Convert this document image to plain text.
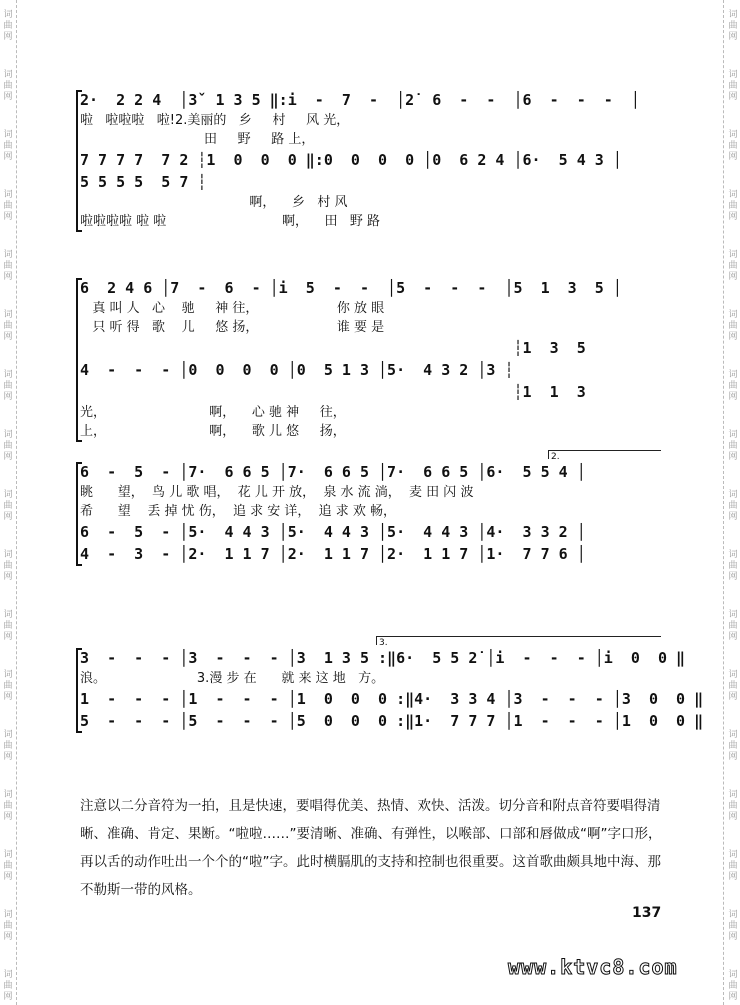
词
曲
网
词
曲
网
词
曲
网
词
曲
网
词
曲
网
词
曲
网
词
曲
网
词
曲
网
词
曲
网
词
曲
网
词
曲
网
词
曲
网
词
曲
网
词
曲
网
词
曲
网
词
曲
网
词
曲
网
词
曲
网
词
曲
网
词
曲
网
词
曲
网
词
曲
网
词
曲
网
词
曲
网
词
曲
网
词
曲
网
词
曲
网
词
曲
网
词
曲
网
词
曲
网
词
曲
网
词
曲
网
词
曲
网
词
曲
网
2·  2 2 4  │3ˇ 1 3 5 ‖:i  -  7  -  │2̇  6  -  -  │6  -  -  -  │
啦   啦啦啦   啦!2.美丽的   乡     村     风 光，
田     野     路 上，
7 7 7 7  7 2 ┆1  0  0  0 ‖:0  0  0  0 │0  6 2 4 │6·  5 4 3 │
5 5 5 5  5 7 ┆
啊，    乡   村 风
啦啦啦啦 啦 啦                            啊，    田   野 路
6  2 4 6 │7  -  6  - │i  5  -  -  │5  -  -  -  │5  1  3  5 │
真 叫 人   心    驰     神 往，                   你 放 眼
只 听 得   歌    儿     悠 扬，                   谁 要 是
┆1  3  5
4  -  -  - │0  0  0  0 │0  5 1 3 │5·  4 3 2 │3 ┆
┆1  1  3
光，                         啊，    心 驰 神     往，
上，                         啊，    歌 儿 悠     扬，
6  -  5  - │7·  6 6 5 │7·  6 6 5 │7·  6 6 5 │6·  5 5 4 │
眺      望，  鸟 儿 歌 唱，  花 儿 开 放，  泉 水 流 淌，  麦 田 闪 波
希      望    丢 掉 忧 伤，  追 求 安 详，  追 求 欢 畅，
6  -  5  - │5·  4 4 3 │5·  4 4 3 │5·  4 4 3 │4·  3 3 2 │
4  -  3  - │2·  1 1 7 │2·  1 1 7 │2·  1 1 7 │1·  7 7 6 │
2.
3  -  -  - │3  -  -  - │3  1 3 5 :‖6·  5 5 2̇ │i  -  -  - │i  0  0 ‖
浪。                      3.漫 步 在      就 来 这 地   方。
1  -  -  - │1  -  -  - │1  0  0  0 :‖4·  3 3 4 │3  -  -  - │3  0  0 ‖
5  -  -  - │5  -  -  - │5  0  0  0 :‖1·  7 7 7 │1  -  -  - │1  0  0 ‖
3.
注意以二分音符为一拍，且是快速，要唱得优美、热情、欢快、活泼。切分音和附点音符要唱得清晰、准确、肯定、果断。“啦啦……”要清晰、准确、有弹性，以喉部、口部和唇做成“啊”字口形，再以舌的动作吐出一个个的“啦”字。此时横膈肌的支持和控制也很重要。这首歌曲颇具地中海、那不勒斯一带的风格。
137
www.ktvc8.com
